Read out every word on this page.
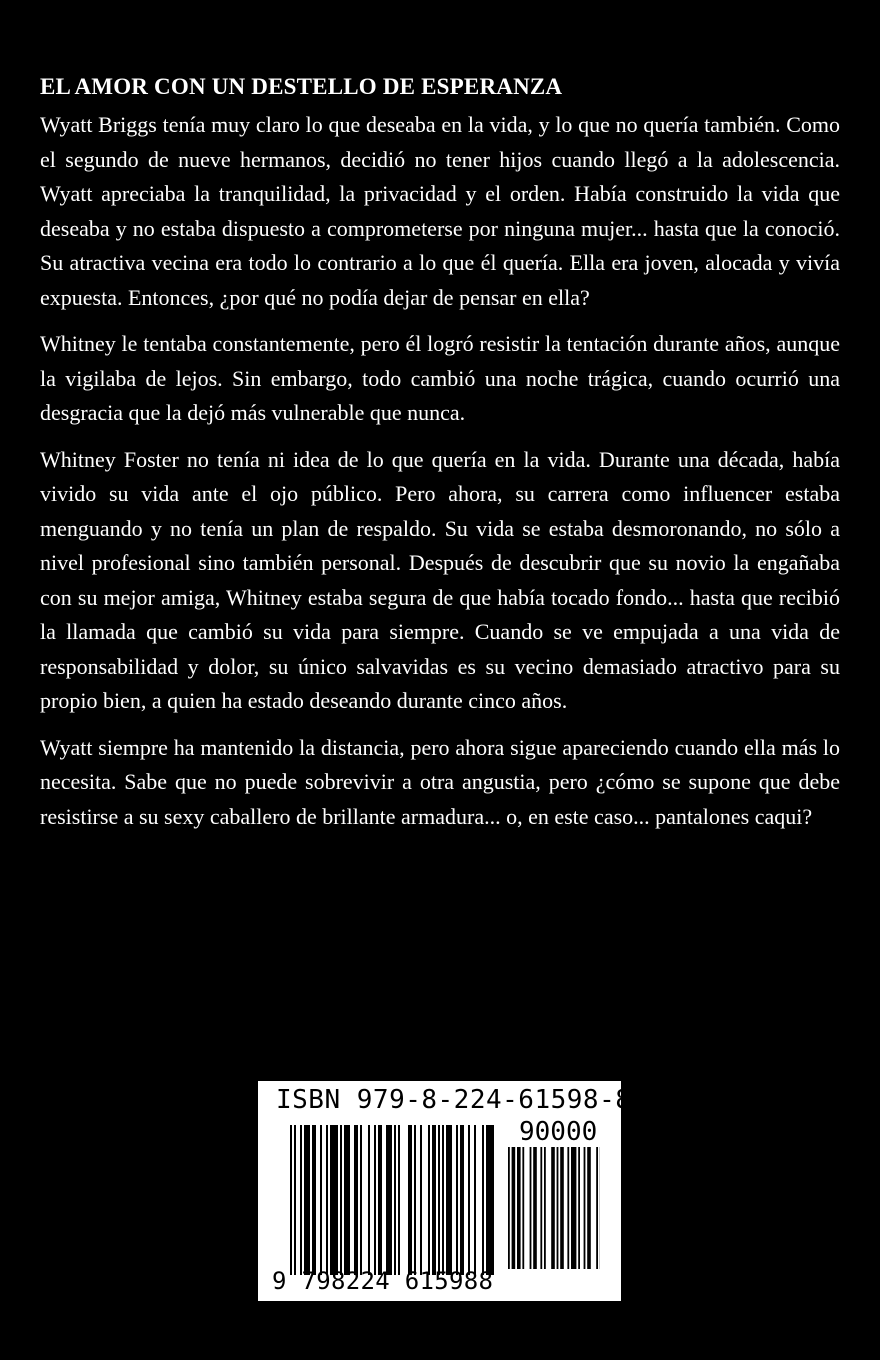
EL AMOR CON UN DESTELLO DE ESPERANZA

Wyatt Briggs tenía muy claro lo que deseaba en la vida, y lo que no quería también. Como el segundo de nueve hermanos, decidió no tener hijos cuando llegó a la adolescencia. Wyatt apreciaba la tranquilidad, la privacidad y el orden. Había construido la vida que deseaba y no estaba dispuesto a comprometerse por ninguna mujer... hasta que la conoció. Su atractiva vecina era todo lo contrario a lo que él quería. Ella era joven, alocada y vivía expuesta. Entonces, ¿por qué no podía dejar de pensar en ella?

Whitney le tentaba constantemente, pero él logró resistir la tentación durante años, aunque la vigilaba de lejos. Sin embargo, todo cambió una noche trágica, cuando ocurrió una desgracia que la dejó más vulnerable que nunca.

Whitney Foster no tenía ni idea de lo que quería en la vida. Durante una década, había vivido su vida ante el ojo público. Pero ahora, su carrera como influencer estaba menguando y no tenía un plan de respaldo. Su vida se estaba desmoronando, no sólo a nivel profesional sino también personal. Después de descubrir que su novio la engañaba con su mejor amiga, Whitney estaba segura de que había tocado fondo... hasta que recibió la llamada que cambió su vida para siempre. Cuando se ve empujada a una vida de responsabilidad y dolor, su único salvavidas es su vecino demasiado atractivo para su propio bien, a quien ha estado deseando durante cinco años.

Wyatt siempre ha mantenido la distancia, pero ahora sigue apareciendo cuando ella más lo necesita. Sabe que no puede sobrevivir a otra angustia, pero ¿cómo se supone que debe resistirse a su sexy caballero de brillante armadura... o, en este caso... pantalones caqui?

ISBN 979-8-224-61598-8
90000
9 798224 615988
